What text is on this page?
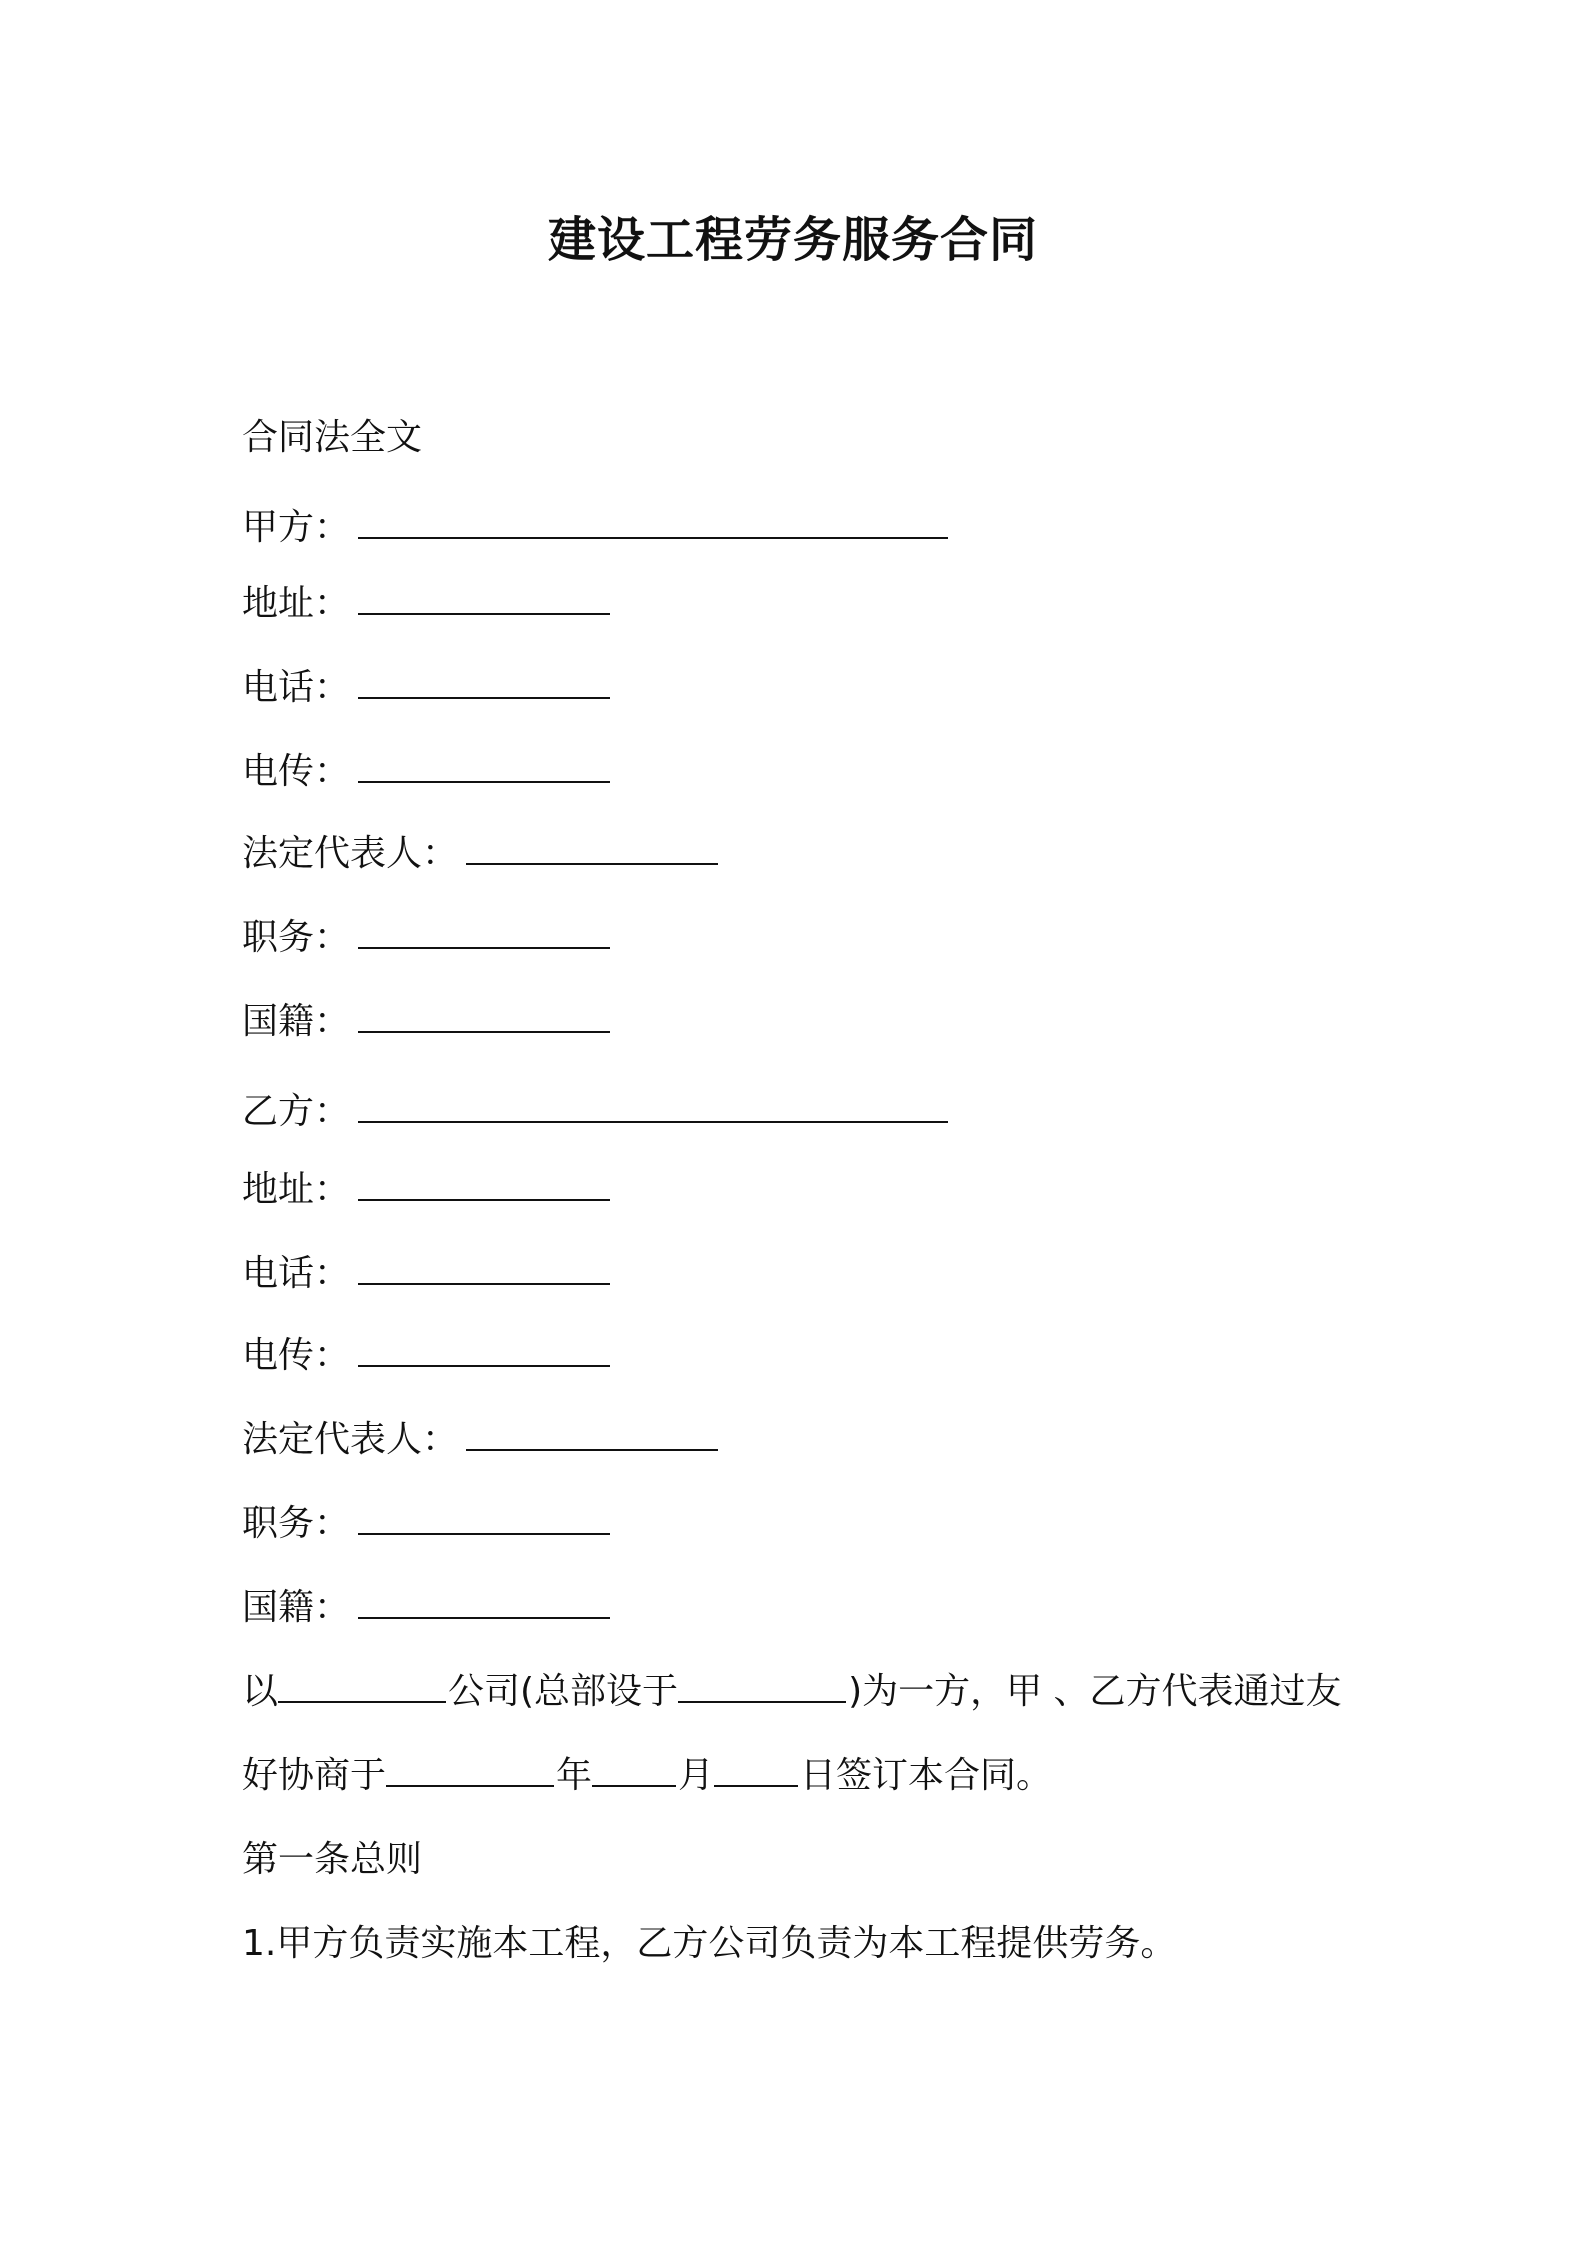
建设工程劳务服务合同
合同法全文
甲方：
地址：
电话：
电传：
法定代表人：
职务：
国籍：
乙方：
地址：
电话：
电传：
法定代表人：
职务：
国籍：
以	公司(总部设于	)为一方，甲 、乙方代表通过友
好协商于	年 月 日签订本合同。
第一条总则
1.甲方负责实施本工程，乙方公司负责为本工程提供劳务。
